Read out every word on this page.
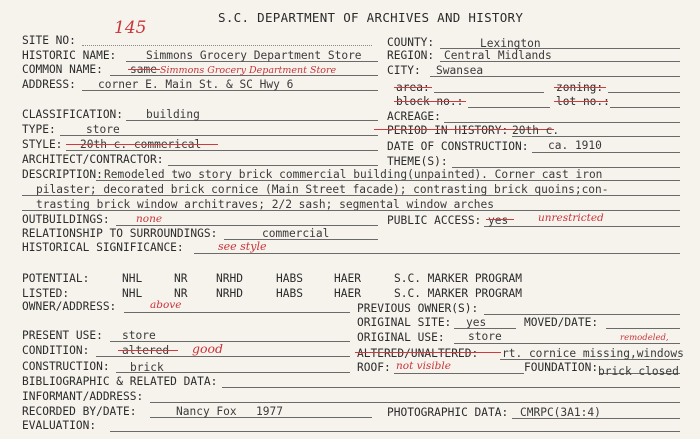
S.C. DEPARTMENT OF ARCHIVES AND HISTORY
SITE NO:
145
COUNTY:	Lexington
HISTORIC NAME:	Simmons Grocery Department Store REGION: Central Midlands
COMMON NAME: same Simmons Grocery Department Store	CITY: Swansea
ADDRESS: corner E. Main St. & SC Hwy 6	area:	zoning:
block no.:	lot no.:
CLASSIFICATION: building	ACREAGE:
TYPE:	store	PERIOD IN HISTORY: 20th c.
STYLE: 20th c. commerical	DATE OF CONSTRUCTION: ca. 1910
ARCHITECT/CONTRACTOR:	THEME(S):
DESCRIPTION: Remodeled two story brick commercial building(unpainted). Corner cast iron
pilaster; decorated brick cornice (Main Street facade); contrasting brick quoins;con-
trasting brick window architraves; 2/2 sash; segmental window arches
OUTBUILDINGS:	none	PUBLIC ACCESS: yes	unrestricted
RELATIONSHIP TO SURROUNDINGS:	commercial
HISTORICAL SIGNIFICANCE:	see style
POTENTIAL:	NHL	NR	NRHD	HABS	HAER	S.C. MARKER PROGRAM
LISTED:	NHL	NR	NRHD	HABS	HAER	S.C. MARKER PROGRAM
OWNER/ADDRESS:	above	PREVIOUS OWNER(S):
ORIGINAL SITE: yes	MOVED/DATE:
PRESENT USE: store	ORIGINAL USE: store
CONDITION:	altered good	ALTERED/UNALTERED: rt. cornice missing,windows
remodeled,
CONSTRUCTION: brick	ROOF: not visible	FOUNDATION: brick closed
BIBLIOGRAPHIC & RELATED DATA:
INFORMANT/ADDRESS:
RECORDED BY/DATE:	Nancy Fox 1977	PHOTOGRAPHIC DATA: CMRPC(3A1:4)
EVALUATION:
